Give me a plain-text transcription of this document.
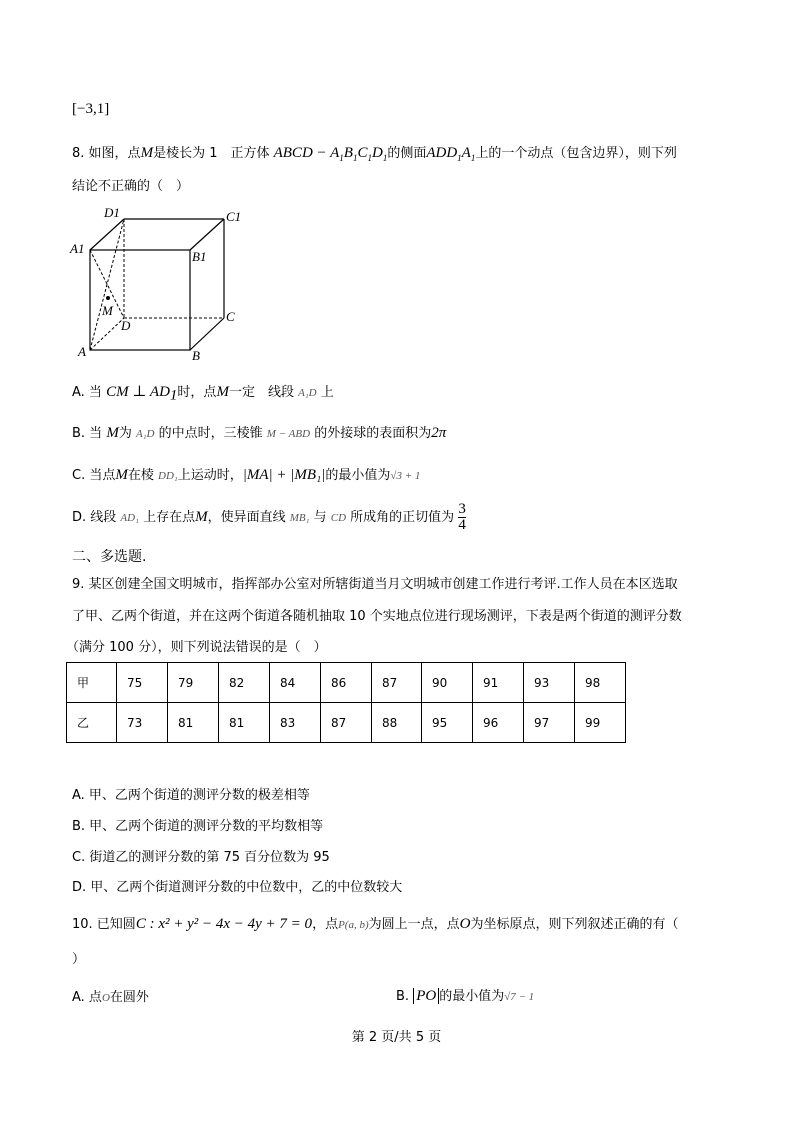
[−3,1]
8. 如图，点M是棱长为 1　正方体 ABCD − $A_1B_1C_1D_1$的侧面$ADD_1A_1$上的一个动点（包含边界），则下列
结论不正确的（　）
D1	C1
A1
B1
M
D
C
A	B
A. 当 CM ⊥ $AD_1$时，点M一定　线段 A₁D 上
B. 当 M为 A₁D 的中点时，三棱锥 M − ABD 的外接球的表面积为2π
C. 当点M在棱 DD₁上运动时，|MA| + |MB₁|的最小值为√3 + 1
D. 线段 AD₁ 上存在点M，使异面直线 MB₁ 与 CD 所成角的正切值为 $\frac{3}{4}$
二、多选题.
9. 某区创建全国文明城市，指挥部办公室对所辖街道当月文明城市创建工作进行考评.工作人员在本区选取
了甲、乙两个街道，并在这两个街道各随机抽取 10 个实地点位进行现场测评，下表是两个街道的测评分数
（满分 100 分），则下列说法错误的是（　）
甲	75	79	82	84	86	87	90	91	93	98
乙	73	81	81	83	87	88	95	96	97	99
A. 甲、乙两个街道的测评分数的极差相等
B. 甲、乙两个街道的测评分数的平均数相等
C. 街道乙的测评分数的第 75 百分位数为 95
D. 甲、乙两个街道测评分数的中位数中，乙的中位数较大
10. 已知圆C : x² + y² − 4x − 4y + 7 = 0，点P(a, b)为圆上一点，点O为坐标原点，则下列叙述正确的有（
）
A. 点O在圆外	B. PO 的最小值为√7 − 1
第 2 页/共 5 页
